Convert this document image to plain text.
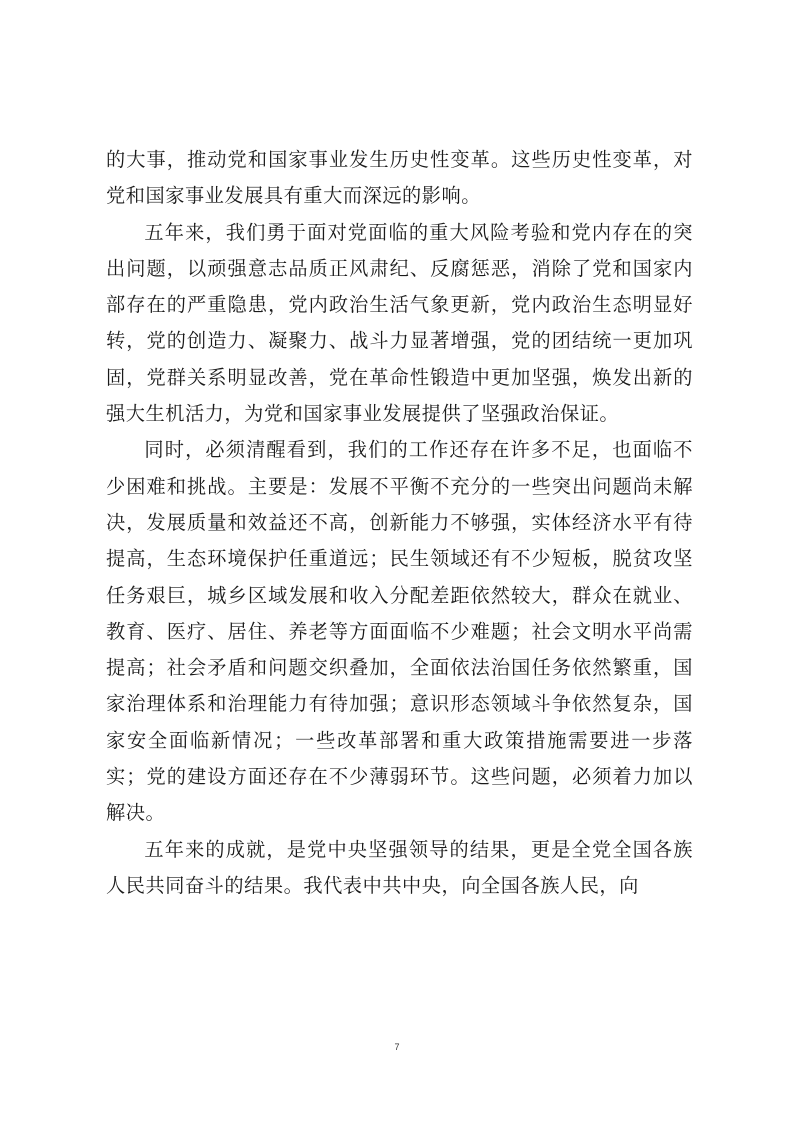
的大事，推动党和国家事业发生历史性变革。这些历史性变革，对党和国家事业发展具有重大而深远的影响。

五年来，我们勇于面对党面临的重大风险考验和党内存在的突出问题，以顽强意志品质正风肃纪、反腐惩恶，消除了党和国家内部存在的严重隐患，党内政治生活气象更新，党内政治生态明显好转，党的创造力、凝聚力、战斗力显著增强，党的团结统一更加巩固，党群关系明显改善，党在革命性锻造中更加坚强，焕发出新的强大生机活力，为党和国家事业发展提供了坚强政治保证。

同时，必须清醒看到，我们的工作还存在许多不足，也面临不少困难和挑战。主要是：发展不平衡不充分的一些突出问题尚未解决，发展质量和效益还不高，创新能力不够强，实体经济水平有待提高，生态环境保护任重道远；民生领域还有不少短板，脱贫攻坚任务艰巨，城乡区域发展和收入分配差距依然较大，群众在就业、教育、医疗、居住、养老等方面面临不少难题；社会文明水平尚需提高；社会矛盾和问题交织叠加，全面依法治国任务依然繁重，国家治理体系和治理能力有待加强；意识形态领域斗争依然复杂，国家安全面临新情况；一些改革部署和重大政策措施需要进一步落实；党的建设方面还存在不少薄弱环节。这些问题，必须着力加以解决。

五年来的成就，是党中央坚强领导的结果，更是全党全国各族人民共同奋斗的结果。我代表中共中央，向全国各族人民，向

7
